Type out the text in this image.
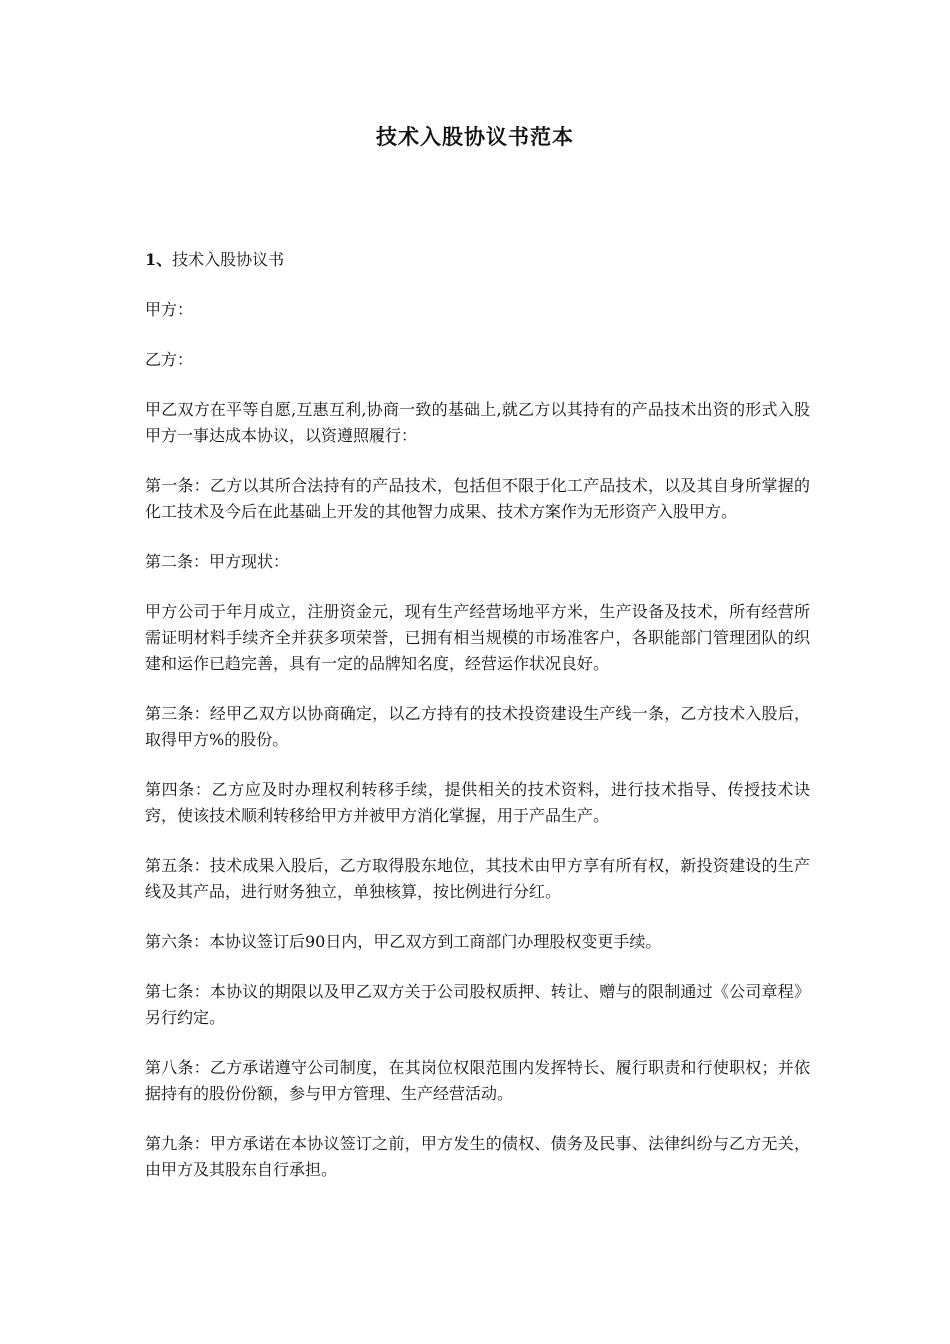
技术入股协议书范本

1、技术入股协议书

甲方：

乙方：

甲乙双方在平等自愿,互惠互利,协商一致的基础上,就乙方以其持有的产品技术出资的形式入股甲方一事达成本协议，以资遵照履行：

第一条：乙方以其所合法持有的产品技术，包括但不限于化工产品技术，以及其自身所掌握的化工技术及今后在此基础上开发的其他智力成果、技术方案作为无形资产入股甲方。

第二条：甲方现状：

甲方公司于年月成立，注册资金元，现有生产经营场地平方米，生产设备及技术，所有经营所需证明材料手续齐全并获多项荣誉，已拥有相当规模的市场准客户，各职能部门管理团队的织建和运作已趋完善，具有一定的品牌知名度，经营运作状况良好。

第三条：经甲乙双方以协商确定，以乙方持有的技术投资建设生产线一条，乙方技术入股后，取得甲方%的股份。

第四条：乙方应及时办理权利转移手续，提供相关的技术资料，进行技术指导、传授技术诀窍，使该技术顺利转移给甲方并被甲方消化掌握，用于产品生产。

第五条：技术成果入股后，乙方取得股东地位，其技术由甲方享有所有权，新投资建设的生产线及其产品，进行财务独立，单独核算，按比例进行分红。

第六条：本协议签订后90日内，甲乙双方到工商部门办理股权变更手续。

第七条：本协议的期限以及甲乙双方关于公司股权质押、转让、赠与的限制通过《公司章程》另行约定。

第八条：乙方承诺遵守公司制度，在其岗位权限范围内发挥特长、履行职责和行使职权；并依据持有的股份份额，参与甲方管理、生产经营活动。

第九条：甲方承诺在本协议签订之前，甲方发生的债权、债务及民事、法律纠纷与乙方无关，由甲方及其股东自行承担。
